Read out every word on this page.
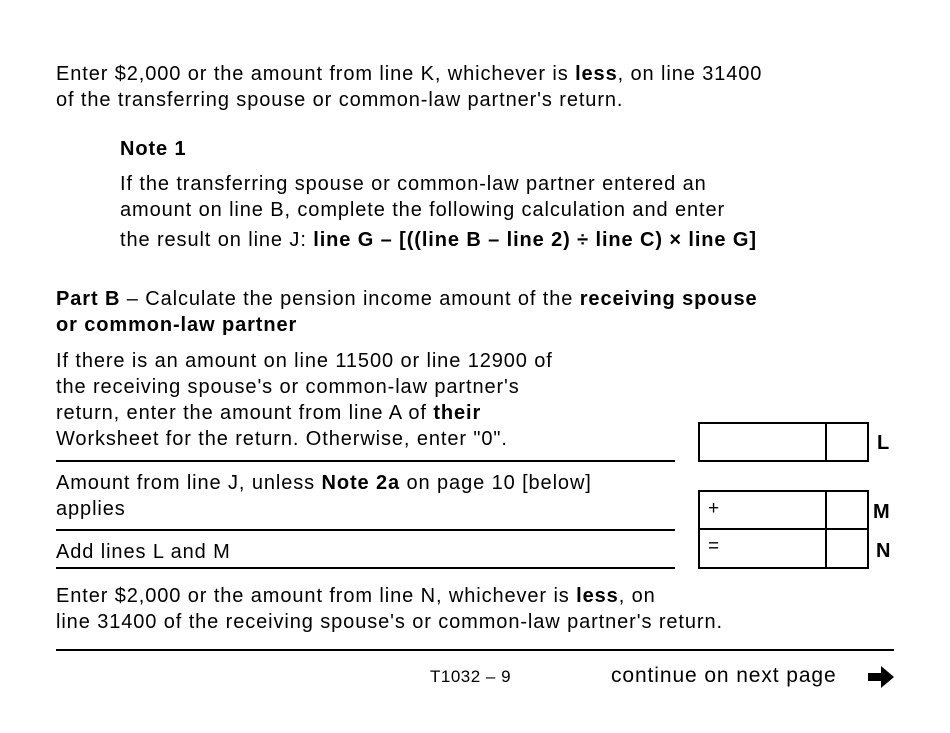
Enter $2,000 or the amount from line K, whichever is less, on line 31400
of the transferring spouse or common-law partner's return.
Note 1
If the transferring spouse or common-law partner entered an
amount on line B, complete the following calculation and enter
the result on line J: line G – [((line B – line 2) ÷ line C) × line G]
Part B – Calculate the pension income amount of the receiving spouse
or common-law partner
If there is an amount on line 11500 or line 12900 of
the receiving spouse's or common-law partner's
return, enter the amount from line A of their
Worksheet for the return. Otherwise, enter "0".	L
Amount from line J, unless Note 2a on page 10 [below]
applies	+	M
Add lines L and M	=	N
Enter $2,000 or the amount from line N, whichever is less, on
line 31400 of the receiving spouse's or common-law partner's return.
T1032 – 9	continue on next page
